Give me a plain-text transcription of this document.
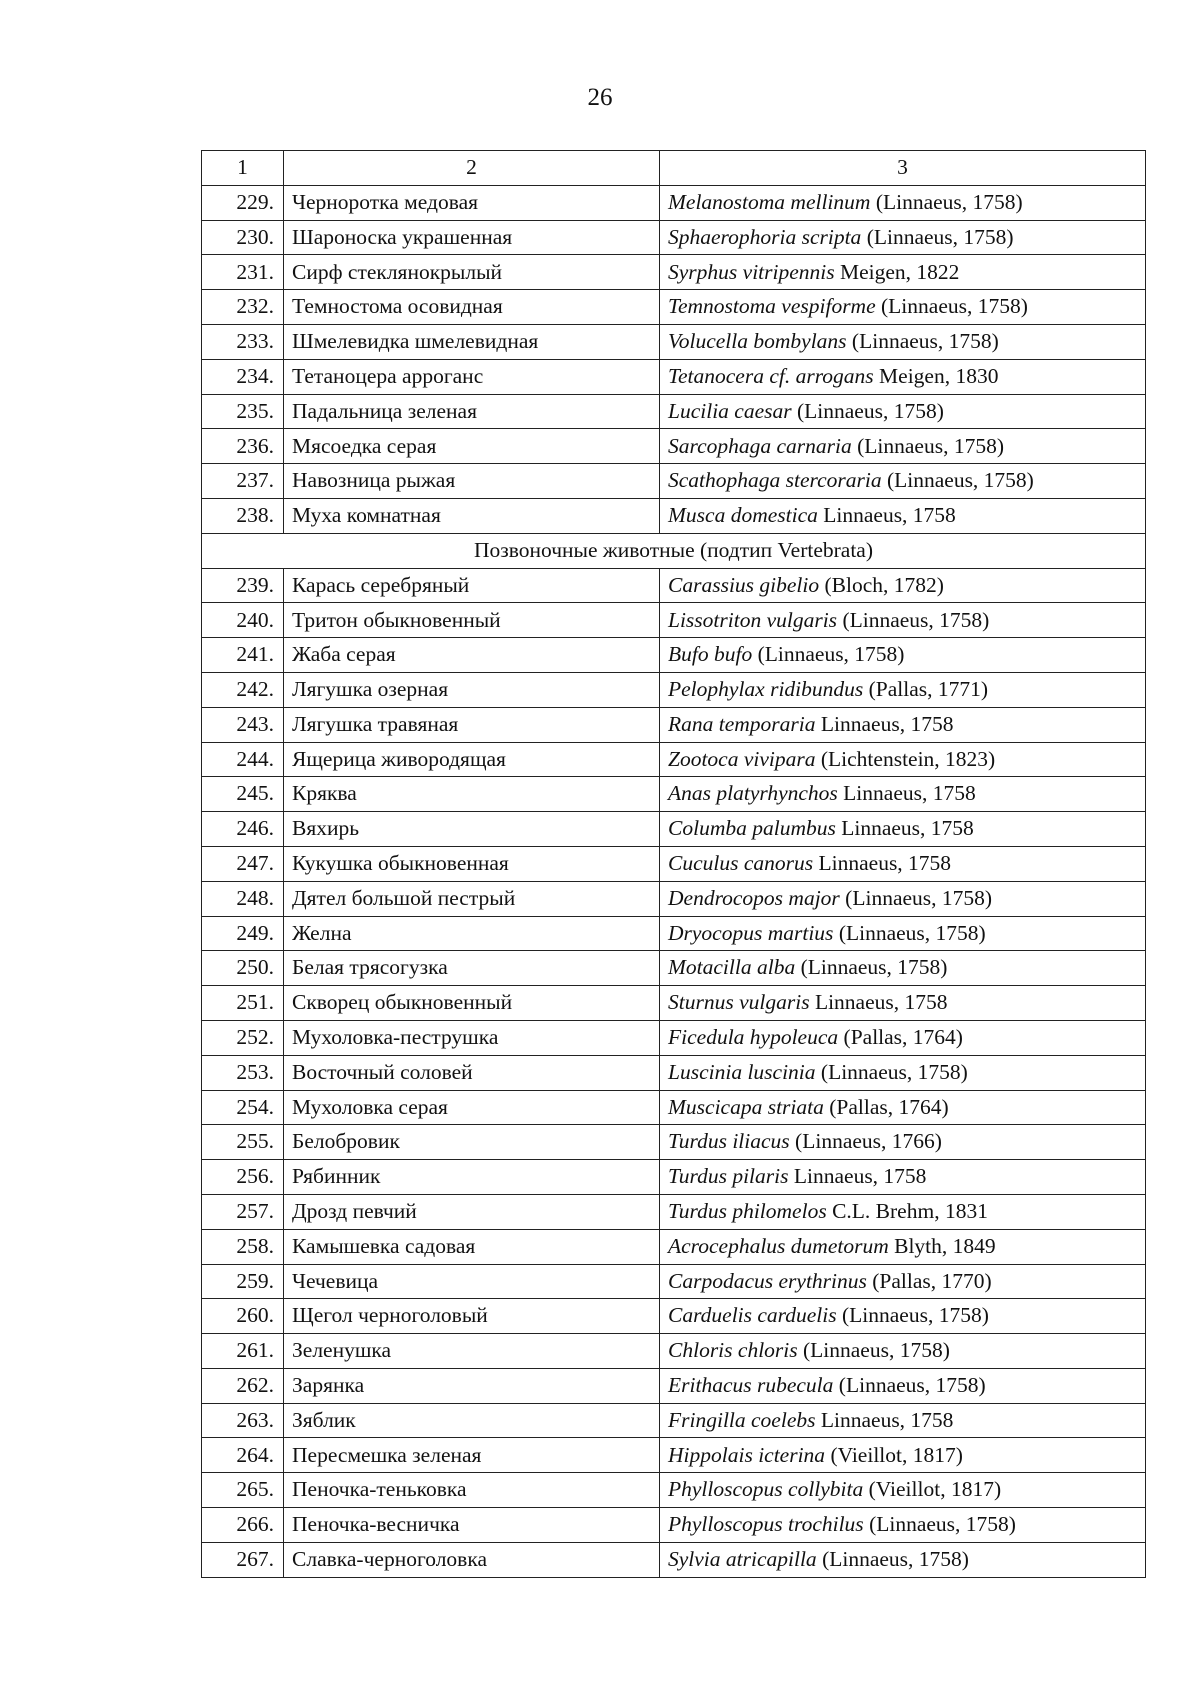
26
1	2	3
229.	Черноротка медовая	Melanostoma mellinum (Linnaeus, 1758)
230.	Шароноска украшенная	Sphaerophoria scripta (Linnaeus, 1758)
231.	Сирф стеклянокрылый	Syrphus vitripennis Meigen, 1822
232.	Темностома осовидная	Temnostoma vespiforme (Linnaeus, 1758)
233.	Шмелевидка шмелевидная	Volucella bombylans (Linnaeus, 1758)
234.	Тетаноцера арроганс	Tetanocera cf. arrogans Meigen, 1830
235.	Падальница зеленая	Lucilia caesar (Linnaeus, 1758)
236.	Мясоедка серая	Sarcophaga carnaria (Linnaeus, 1758)
237.	Навозница рыжая	Scathophaga stercoraria (Linnaeus, 1758)
238.	Муха комнатная	Musca domestica Linnaeus, 1758
Позвоночные животные (подтип Vertebrata)		
239.	Карась серебряный	Carassius gibelio (Bloch, 1782)
240.	Тритон обыкновенный	Lissotriton vulgaris (Linnaeus, 1758)
241.	Жаба серая	Bufo bufo (Linnaeus, 1758)
242.	Лягушка озерная	Pelophylax ridibundus (Pallas, 1771)
243.	Лягушка травяная	Rana temporaria Linnaeus, 1758
244.	Ящерица живородящая	Zootoca vivipara (Lichtenstein, 1823)
245.	Кряква	Anas platyrhynchos Linnaeus, 1758
246.	Вяхирь	Columba palumbus Linnaeus, 1758
247.	Кукушка обыкновенная	Cuculus canorus Linnaeus, 1758
248.	Дятел большой пестрый	Dendrocopos major (Linnaeus, 1758)
249.	Желна	Dryocopus martius (Linnaeus, 1758)
250.	Белая трясогузка	Motacilla alba (Linnaeus, 1758)
251.	Скворец обыкновенный	Sturnus vulgaris Linnaeus, 1758
252.	Мухоловка-пеструшка	Ficedula hypoleuca (Pallas, 1764)
253.	Восточный соловей	Luscinia luscinia (Linnaeus, 1758)
254.	Мухоловка серая	Muscicapa striata (Pallas, 1764)
255.	Белобровик	Turdus iliacus (Linnaeus, 1766)
256.	Рябинник	Turdus pilaris Linnaeus, 1758
257.	Дрозд певчий	Turdus philomelos C.L. Brehm, 1831
258.	Камышевка садовая	Acrocephalus dumetorum Blyth, 1849
259.	Чечевица	Carpodacus erythrinus (Pallas, 1770)
260.	Щегол черноголовый	Carduelis carduelis (Linnaeus, 1758)
261.	Зеленушка	Chloris chloris (Linnaeus, 1758)
262.	Зарянка	Erithacus rubecula (Linnaeus, 1758)
263.	Зяблик	Fringilla coelebs Linnaeus, 1758
264.	Пересмешка зеленая	Hippolais icterina (Vieillot, 1817)
265.	Пеночка-теньковка	Phylloscopus collybita (Vieillot, 1817)
266.	Пеночка-весничка	Phylloscopus trochilus (Linnaeus, 1758)
267.	Славка-черноголовка	Sylvia atricapilla (Linnaeus, 1758)
